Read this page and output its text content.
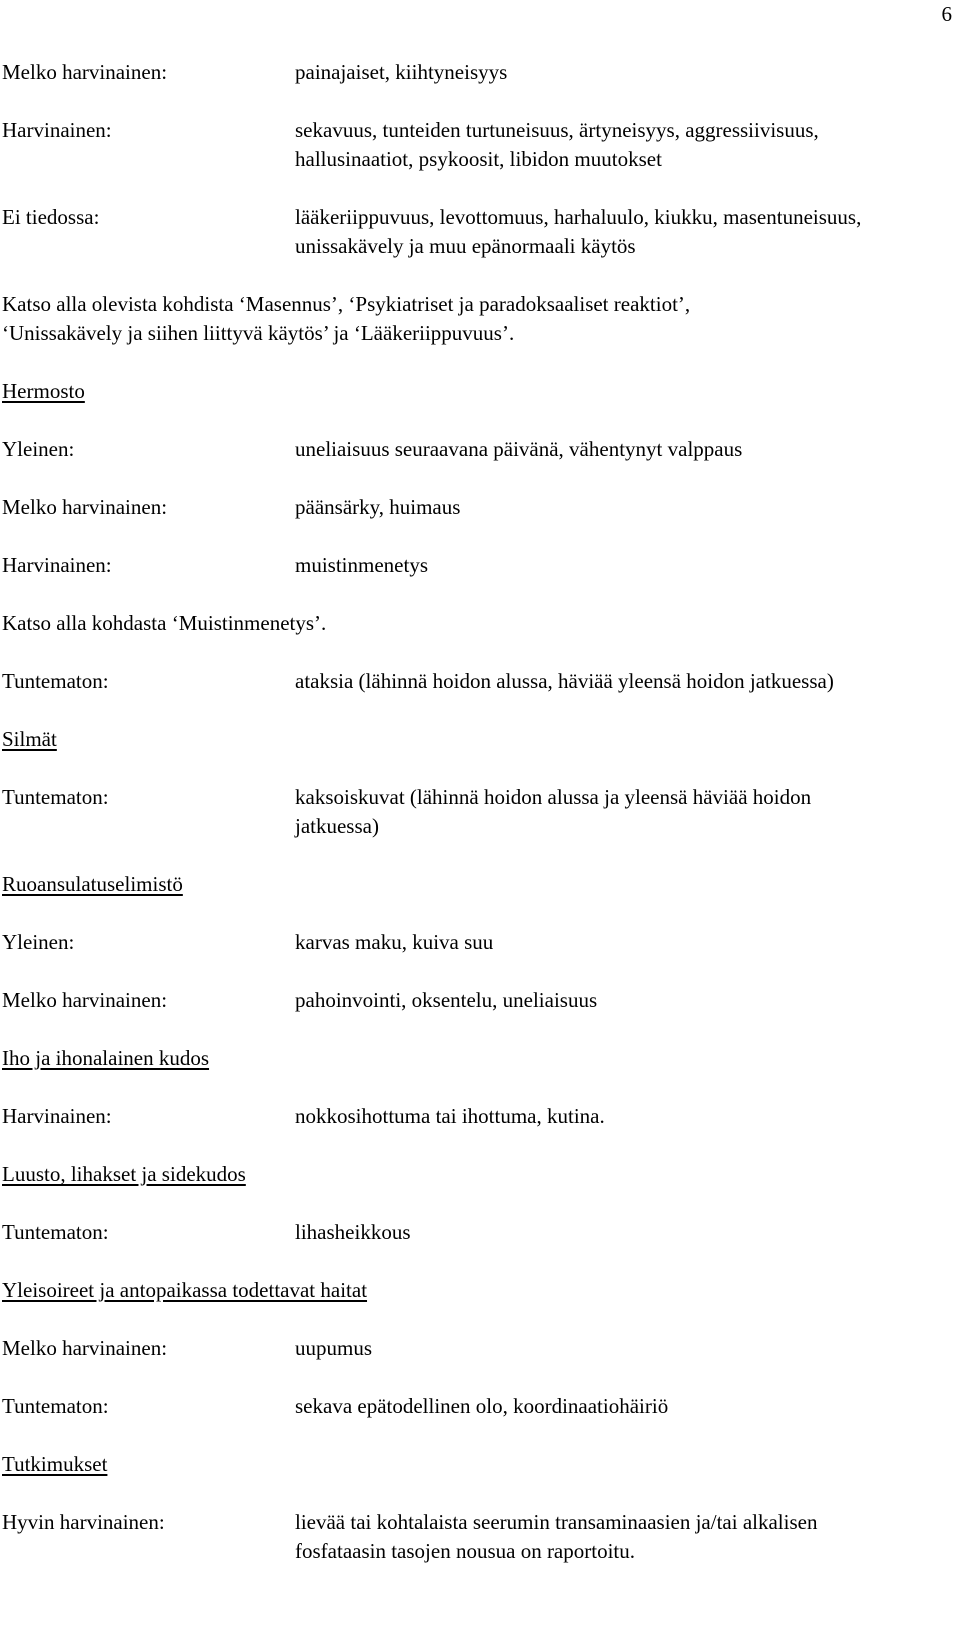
6
Melko harvinainen:	painajaiset, kiihtyneisyys
Harvinainen:	sekavuus, tunteiden turtuneisuus, ärtyneisyys, aggressiivisuus,
hallusinaatiot, psykoosit, libidon muutokset
Ei tiedossa:	lääkeriippuvuus, levottomuus, harhaluulo, kiukku, masentuneisuus,
unissakävely ja muu epänormaali käytös
Katso alla olevista kohdista ‘Masennus’, ‘Psykiatriset ja paradoksaaliset reaktiot’,
‘Unissakävely ja siihen liittyvä käytös’ ja ‘Lääkeriippuvuus’.
Hermosto
Yleinen:	uneliaisuus seuraavana päivänä, vähentynyt valppaus
Melko harvinainen:	päänsärky, huimaus
Harvinainen:	muistinmenetys
Katso alla kohdasta ‘Muistinmenetys’.
Tuntematon:	ataksia (lähinnä hoidon alussa, häviää yleensä hoidon jatkuessa)
Silmät
Tuntematon:	kaksoiskuvat (lähinnä hoidon alussa ja yleensä häviää hoidon
jatkuessa)
Ruoansulatuselimistö
Yleinen:	karvas maku, kuiva suu
Melko harvinainen:	pahoinvointi, oksentelu, uneliaisuus
Iho ja ihonalainen kudos
Harvinainen:	nokkosihottuma tai ihottuma, kutina.
Luusto, lihakset ja sidekudos
Tuntematon:	lihasheikkous
Yleisoireet ja antopaikassa todettavat haitat
Melko harvinainen:	uupumus
Tuntematon:	sekava epätodellinen olo, koordinaatiohäiriö
Tutkimukset
Hyvin harvinainen:	lievää tai kohtalaista seerumin transaminaasien ja/tai alkalisen
fosfataasin tasojen nousua on raportoitu.
